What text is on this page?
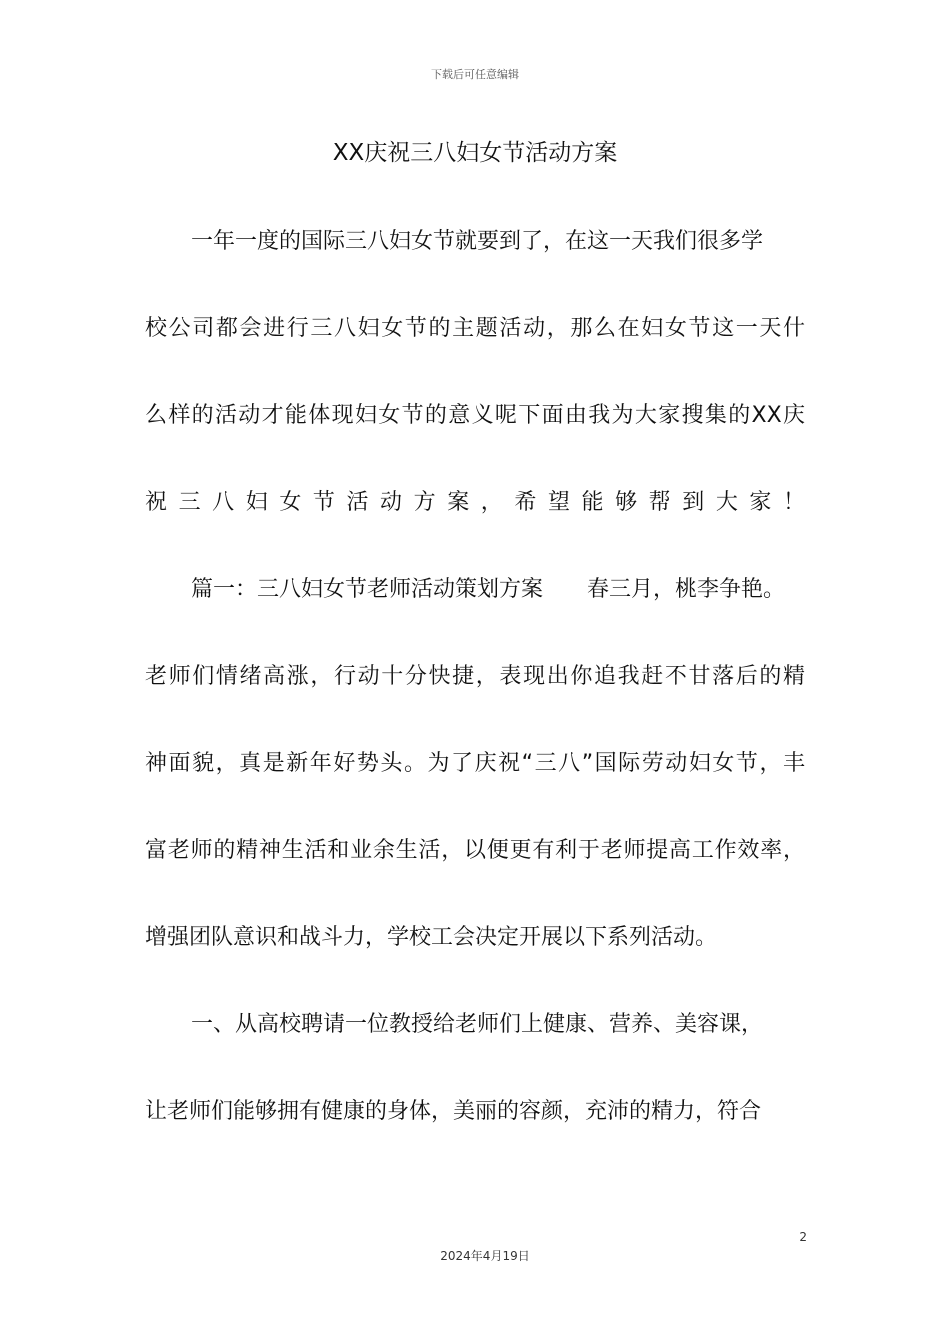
下载后可任意编辑
XX庆祝三八妇女节活动方案
一年一度的国际三八妇女节就要到了，在这一天我们很多学
校公司都会进行三八妇女节的主题活动，那么在妇女节这一天什
么样的活动才能体现妇女节的意义呢下面由我为大家搜集的XX庆
祝三八妇女节活动方案，希望能够帮到大家！
篇一：三八妇女节老师活动策划方案　　春三月，桃李争艳。
老师们情绪高涨，行动十分快捷，表现出你追我赶不甘落后的精
神面貌，真是新年好势头。为了庆祝“三八”国际劳动妇女节，丰
富老师的精神生活和业余生活，以便更有利于老师提高工作效率，
增强团队意识和战斗力，学校工会决定开展以下系列活动。
一、从高校聘请一位教授给老师们上健康、营养、美容课，
让老师们能够拥有健康的身体，美丽的容颜，充沛的精力，符合
2
2024年4月19日
